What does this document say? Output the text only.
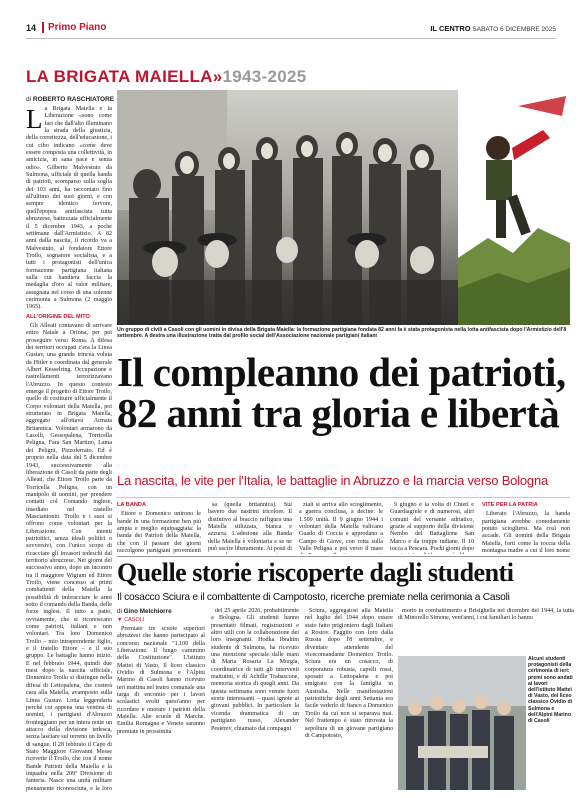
14	Primo Piano	IL CENTRO SABATO 6 DICEMBRE 2025
LA BRIGATA MAIELLA»1943-2025
di ROBERTO RASCHIATORE

La Brigata Maiella e la Liberazione «sono come fari che dall'alto illuminano la strada della giustizia, della correttezza, dell'educazione, i cui cibo indicano «come deve essere composta una collettività, in amicizia, in sana pace e senza odio». Gilberto Malvestuto da Sulmona, ufficiale di quella banda di patrioti, scomparso sulla soglia dei 103 anni, ha raccontato fino all'ultimo dei suoi giorni, e con sempre identico fervore, quell'epopea antifascista tutta abruzzese, battezzata ufficialmente il 5 dicembre 1943, a poche settimane dall'Armistizio. A 82 anni dalla nascita, il ricordo va a Malvestuto, al fondatore Ettore Troilo, sognatore socialista, e a tutti i protagonisti dell'unica formazione partigiana italiana sulla cui bandiera faccia la medaglia d'oro al valor militare, assegnata nel corso di una solenne cerimonia a Sulmona (2 maggio 1965).

ALL'ORIGINE DEL MITO

Gli Alleati contavano di arrivare entro Natale a Ortona, per poi proseguire verso Roma. A difesa dei territori occupati c'era la Linea Gustav, una grande trincea voluta da Hitler e coordinata dal generale Albert Kesselring. Occupazione e rastrellamenti terrorizzavano l'Abruzzo. In questo contesto emerge il progetto di Ettore Troilo, quello di costituire ufficialmente il Corpo volontari della Maiella, poi strutturato in Brigata Maiella, aggregato all'ottava Armata Britannica. Volontari armarono da Lasolli, Gessopalena, Torricella Peligna, Fara San Martino, Lama dei Peligni, Pizzoferrato. Ed è proprio nella data del 5 dicembre 1943, successivamente alla liberazione di Casoli da parte degli Alleati, che Ettore Troilo parte da Torricella Peligna, con un manipolo di uomini, per prendere contatti col Comando inglese, insediato nel castello Masciantonio. Troilo e i suoi si offrono come volontari per la Liberazione. Con intenti patriottici, senza ideali politici o sovversivi, con l'unico scopo di ricacciare gli invasori tedeschi dal territorio abruzzese. Nei giorni del successivo anno, dopo un incontro tra il maggiore Wigram ed Ettore Troilo, viene concesso ai primi combattenti della Maiella la possibilità di imbracciare le armi sotto il comando della Banda, delle forze inglesi. Il tutto a patto, ovviamente, che si riconoscano come patrioti, italiani e non volontari. Tra loro Domenico Troilo – mio intraprendente figlio, e il fratello Ettore – e il suo gruppo. Le battaglie hanno inizio. E nel febbraio 1944, quindi due mesi dopo la nascita ufficiale, Domenico Troilo si distingue nella difesa di Lettopalena, che costerà cara alla Maiella, avamposto sulla Linea Gustav. Lotta leggendaria perché coi appena una ventina di uomini, i partigiani d'Abruzzo fronteggiano per un intera notte un attacco della divisione tedesca, senza lasciare sul terreno un livello di sangue. Il 28 febbraio il Capo di Stato Maggiore Giovanni Messe ricevette il Troilo, che con il nome Bande Patrioti della Maiella e la inquadra nella 209ª Divisione di fanteria. Nasce una unità militare pienamente riconosciuta, e la loro

Un gruppo di civili a Casoli con gli uomini in divisa della Brigata Maiella: la formazione partigiana fondata 82 anni fa è stata protagonista nella lotta antifascista dopo l'Armistizio dell'8 settembre. A destra una illustrazione tratta dal profilo social dell'Associazione nazionale partigiani italiani
Il compleanno dei patrioti, 82 anni tra gloria e libertà
La nascita, le vite per l'Italia, le battaglie in Abruzzo e la marcia verso Bologna

LA BANDA

Ettore e Domenico unirono le bande in una formazione ben più ampia e meglio equipaggiata: la banda dei Patrioti della Maiella, che con il passare dei giorni raccolgono partigiani provenienti

sa (quella britannica). Sul bavero due nastrini tricolore. Il distintivo al braccio raffigura una Maiella stilizzata, bianca e azzurra. L'adesione alla Banda della Maiella è volontaria e se ne può uscire liberamente. Ai posti di

ziali si arriva allo scioglimento, a guerra conclusa, a decine: le 1.500 unità. Il 9 giugno 1944 i volontari della Maiella valicano Guado di Coccia e approdano a Campo di Giove, con rotta sulla Valle Peligna e poi verso il mare

9 giugno è la volta di Chieti e Guardiagrele e di numerosi, altri comuni del versante adriatico, grazie al supporto della divisione Nembo del Battaglione San Marco e da truppe indiane. Il 10 tocca a Pescara. Pochi giorni dopo

VITE PER LA PATRIA

Liberato l'Abruzzo, la banda partigiana avrebbe comodamente potuto sciogliersi. Ma così non accade. Gli uomini della Brigata Maiella, forti come la roccia della montagna madre a cui il loro nome

Quelle storie riscoperte dagli studenti
Il cosacco Sciura e il combattente di Campotosto, ricerche premiate nella cerimonia a Casoli
di Gino Melchiorre
▼ CASOLI

Premiate tre scuole superiori abruzzesi che hanno partecipato al concorso nazionale "1.100 della Liberazione. Il lungo cammino della Costituzione". L'istituto Mattei di Vasto, Il liceo classico Ovidio di Sulmona e l'Alpini Marino di Casoli hanno ricevuto ieri mattina nel teatro comunale una targa di encomio per i lavori scolastici svolti quest'anno per ricordare e onorare i patrioti della Maiella. Alte scuole di Marche. Emilia Romagna e Veneto saranno premiate in prossimità

del 25 aprile 2026, probabilmente a Bologna. Gli studenti hanno presentato filmati, registrazioni e altro utili con la collaborazione dei loro insegnanti. Hodka Ibrahim studente di Sulmona, ha ricevuto una menzione speciale dalle mani di Maria Rosaria La Morgia, coordinatrice di tutti gli interventi mattutini, e di Achille Trabascone, memoria storica di quegli anni. Da questa settimana sono venute fuori storie interessanti – quasi ignote ai giovani pubblici. In particolare la vicenda drammatica di un partigiano russo, Alexander Pesterev, chiamato dai compagni

Sciura, aggregatosi alla Maiella nel luglio del 1944 dopo essere stato fatto prigioniero dagli Italiani a Rostov. Faggito con loro dalla Russia dopo l'8 settembre, e diventato attendente del vicecomandante Domenico Troilo. Sciura era un cosacco, di corporatura robusta, capelli rossi, sposato a Lettopalena e poi emigrato con la famiglia in Australia. Nelle manifestazioni patriottiche degli anni Settanta era facile vederlo di fianco a Domenico Troilo da cui non si separava mai. Nel frattempo è stato ritrovata la sepoltura di un giovane partigiano di Campotosto,

morto in combattimento a Brisighella nel dicembre del 1944, la tutta di Minorello Simone, vent'anni, i cui familiari lo hanno

Alcuni studenti protagonisti della cerimonia di ieri: premi sono andati ai lavori dell'istituto Mattei di Vasto, del liceo classico Ovidio di Sulmona e dell'Alpini Marino di Casoli
